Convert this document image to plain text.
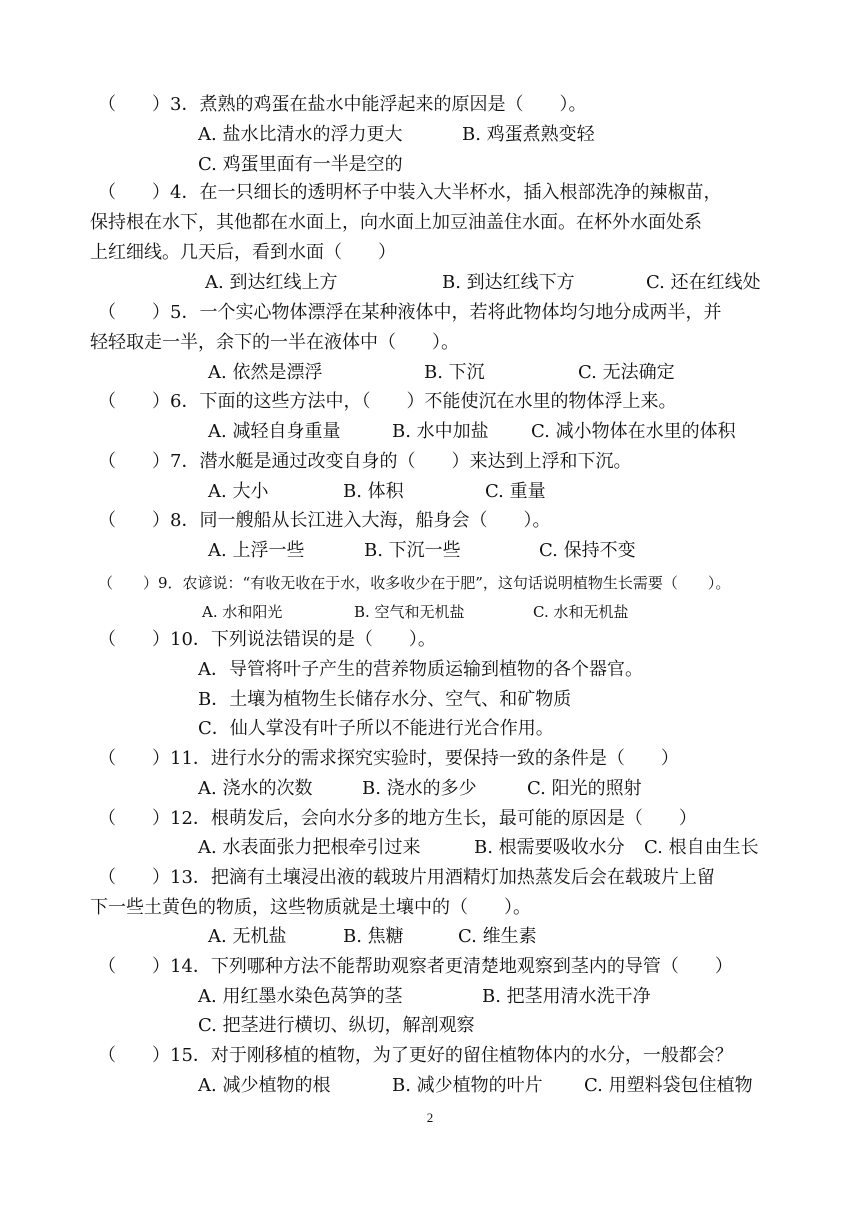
（　　）3．煮熟的鸡蛋在盐水中能浮起来的原因是（　　）。
A. 盐水比清水的浮力更大	B. 鸡蛋煮熟变轻
C. 鸡蛋里面有一半是空的
（　　）4．在一只细长的透明杯子中装入大半杯水，插入根部洗净的辣椒苗，
保持根在水下，其他都在水面上，向水面上加豆油盖住水面。在杯外水面处系
上红细线。几天后，看到水面（　　）
A. 到达红线上方	B. 到达红线下方	C. 还在红线处
（　　）5．一个实心物体漂浮在某种液体中，若将此物体均匀地分成两半，并
轻轻取走一半，余下的一半在液体中（　　）。
A. 依然是漂浮	B. 下沉	C. 无法确定
（　　）6．下面的这些方法中，（　　）不能使沉在水里的物体浮上来。
A. 减轻自身重量	B. 水中加盐 C. 减小物体在水里的体积
（　　）7．潜水艇是通过改变自身的（　　）来达到上浮和下沉。
A. 大小	B. 体积	C. 重量
（　　）8．同一艘船从长江进入大海，船身会（　　）。
A. 上浮一些	B. 下沉一些	C. 保持不变
（　　）9．农谚说：“有收无收在于水，收多收少在于肥”，这句话说明植物生长需要（　　）。
A. 水和阳光	B. 空气和无机盐	C. 水和无机盐
（　　）10．下列说法错误的是（　　）。
A．导管将叶子产生的营养物质运输到植物的各个器官。
B．土壤为植物生长储存水分、空气、和矿物质
C．仙人掌没有叶子所以不能进行光合作用。
（　　）11．进行水分的需求探究实验时，要保持一致的条件是（　　）
A. 浇水的次数	B. 浇水的多少	C. 阳光的照射
（　　）12．根萌发后，会向水分多的地方生长，最可能的原因是（　　）
A. 水表面张力把根牵引过来	B. 根需要吸收水分 C. 根自由生长
（　　）13．把滴有土壤浸出液的载玻片用酒精灯加热蒸发后会在载玻片上留
下一些土黄色的物质，这些物质就是土壤中的（　　）。
A. 无机盐	B. 焦糖	C. 维生素
（　　）14．下列哪种方法不能帮助观察者更清楚地观察到茎内的导管（　　）
A. 用红墨水染色莴笋的茎	B. 把茎用清水洗干净
C. 把茎进行横切、纵切，解剖观察
（　　）15．对于刚移植的植物，为了更好的留住植物体内的水分，一般都会？
A. 减少植物的根	B. 减少植物的叶片 C. 用塑料袋包住植物
2
